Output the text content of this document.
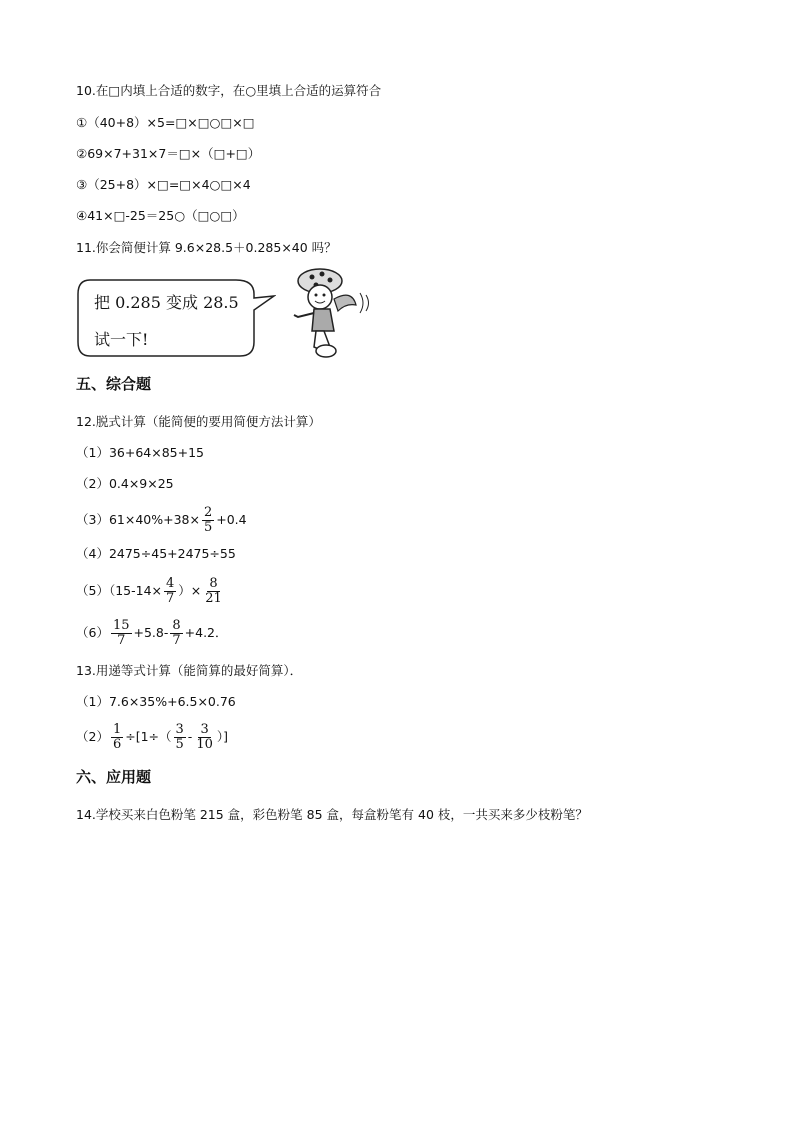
10.在□内填上合适的数字，在○里填上合适的运算符合
①（40+8）×5=□×□○□×□
②69×7+31×7＝□×（□+□）
③（25+8）×□=□×4○□×4
④41×□-25＝25○（□○□）
11.你会简便计算 9.6×28.5＋0.285×40 吗？
把 0.285 变成 28.5
试一下!
五、综合题
12.脱式计算（能简便的要用简便方法计算）
（1）36+64×85+15
（2）0.4×9×25
$(3)61\times 40\%+38\times \frac{2}{5} +0.4$
（4）2475÷45+2475÷55
$(5)(15-14\times \frac{4}{7}$ ）× $\frac{8}{21}$
$(6) \frac{15}{7} +5.8- \frac{8}{7} +4.2$．
13.用递等式计算（能简算的最好简算）．
（1）7.6×35%+6.5×0.76
$(2) \frac{1}{6} \div[1\div( \frac{3}{5} - \frac{3}{10}$ ）]
六、应用题
14.学校买来白色粉笔 215 盒，彩色粉笔 85 盒，每盒粉笔有 40 枝，一共买来多少枝粉笔？
